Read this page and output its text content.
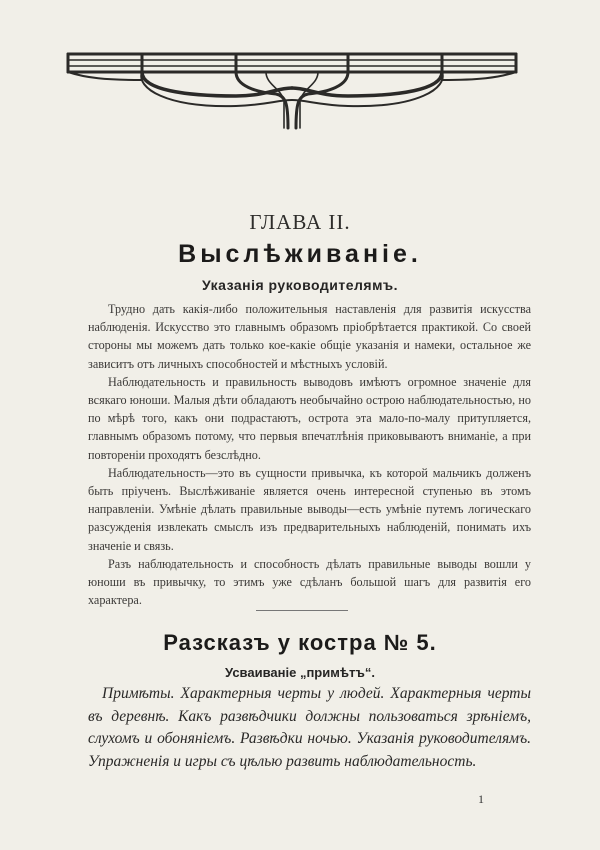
ГЛАВА II.
Выслѣживаніе.
Указанія руководителямъ.

Трудно дать какія-либо положительныя наставленія для развитія искусства наблюденія. Искусство это главнымъ образомъ пріобрѣтается практикой. Со своей стороны мы можемъ дать только кое-какіе общіе указанія и намеки, остальное же зависитъ отъ личныхъ способностей и мѣстныхъ условій.

Наблюдательность и правильность выводовъ имѣютъ огромное значеніе для всякаго юноши. Малыя дѣти обладаютъ необычайно острою наблюдательностью, но по мѣрѣ того, какъ они подрастаютъ, острота эта мало-по-малу притупляется, главнымъ образомъ потому, что первыя впечатлѣнія приковываютъ вниманіе, а при повтореніи проходятъ безслѣдно.

Наблюдательность—это въ сущности привычка, къ которой мальчикъ долженъ быть пріученъ. Выслѣживаніе является очень интересной ступенью въ этомъ направленіи. Умѣніе дѣлать правильные выводы—есть умѣніе путемъ логическаго разсужденія извлекать смыслъ изъ предварительныхъ наблюденій, понимать ихъ значеніе и связь.

Разъ наблюдательность и способность дѣлать правильные выводы вошли у юноши въ привычку, то этимъ уже сдѣланъ большой шагъ для развитія его характера.

Разсказъ у костра № 5.
Усваиваніе „примѣтъ“.
Примѣты. Характерныя черты у людей. Характерныя черты въ деревнѣ. Какъ развѣдчики должны пользоваться зрѣніемъ, слухомъ и обоняніемъ. Развѣдки ночью. Указанія руководителямъ. Упражненія и игры съ цѣлью развить наблюдательность.
1
